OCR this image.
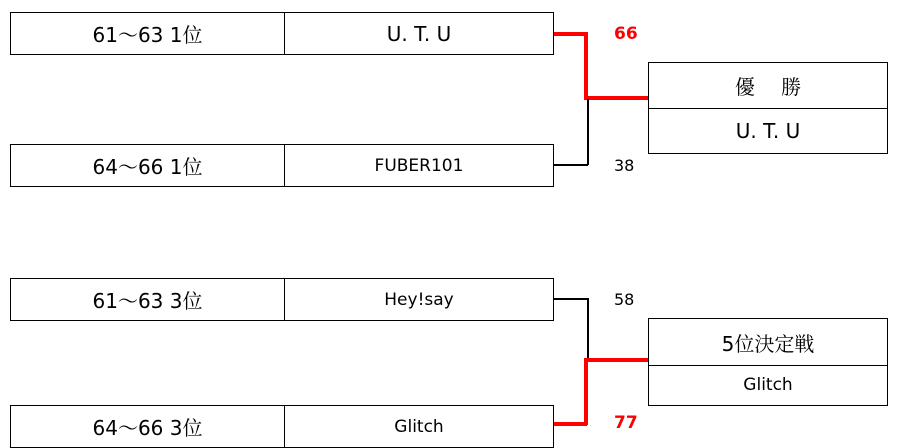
61～63 1位	U. T. U
64～66 1位	FUBER101
66
38
優　 勝
U. T. U
61～63 3位	Hey!say
64～66 3位	Glitch
58
77
5位決定戦
Glitch
